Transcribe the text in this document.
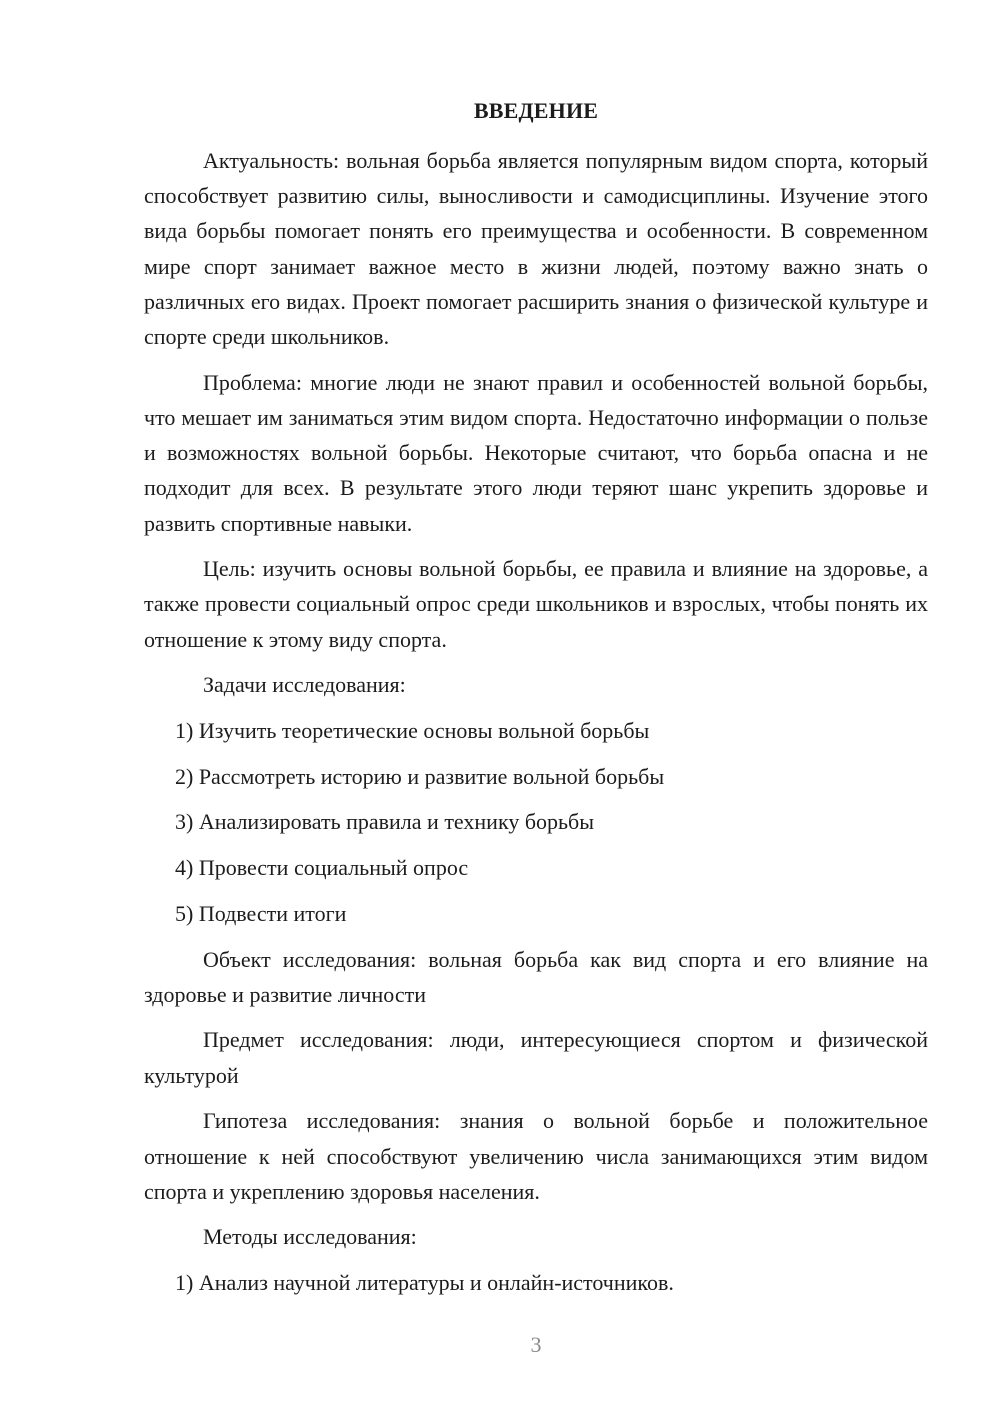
ВВЕДЕНИЕ

Актуальность: вольная борьба является популярным видом спорта, который способствует развитию силы, выносливости и самодисциплины. Изучение этого вида борьбы помогает понять его преимущества и особенности. В современном мире спорт занимает важное место в жизни людей, поэтому важно знать о различных его видах. Проект помогает расширить знания о физической культуре и спорте среди школьников.

Проблема: многие люди не знают правил и особенностей вольной борьбы, что мешает им заниматься этим видом спорта. Недостаточно информации о пользе и возможностях вольной борьбы. Некоторые считают, что борьба опасна и не подходит для всех. В результате этого люди теряют шанс укрепить здоровье и развить спортивные навыки.

Цель: изучить основы вольной борьбы, ее правила и влияние на здоровье, а также провести социальный опрос среди школьников и взрослых, чтобы понять их отношение к этому виду спорта.

Задачи исследования:

1) Изучить теоретические основы вольной борьбы

2) Рассмотреть историю и развитие вольной борьбы

3) Анализировать правила и технику борьбы

4) Провести социальный опрос

5) Подвести итоги

Объект исследования: вольная борьба как вид спорта и его влияние на здоровье и развитие личности

Предмет исследования: люди, интересующиеся спортом и физической культурой

Гипотеза исследования: знания о вольной борьбе и положительное отношение к ней способствуют увеличению числа занимающихся этим видом спорта и укреплению здоровья населения.

Методы исследования:

1) Анализ научной литературы и онлайн-источников.

3
